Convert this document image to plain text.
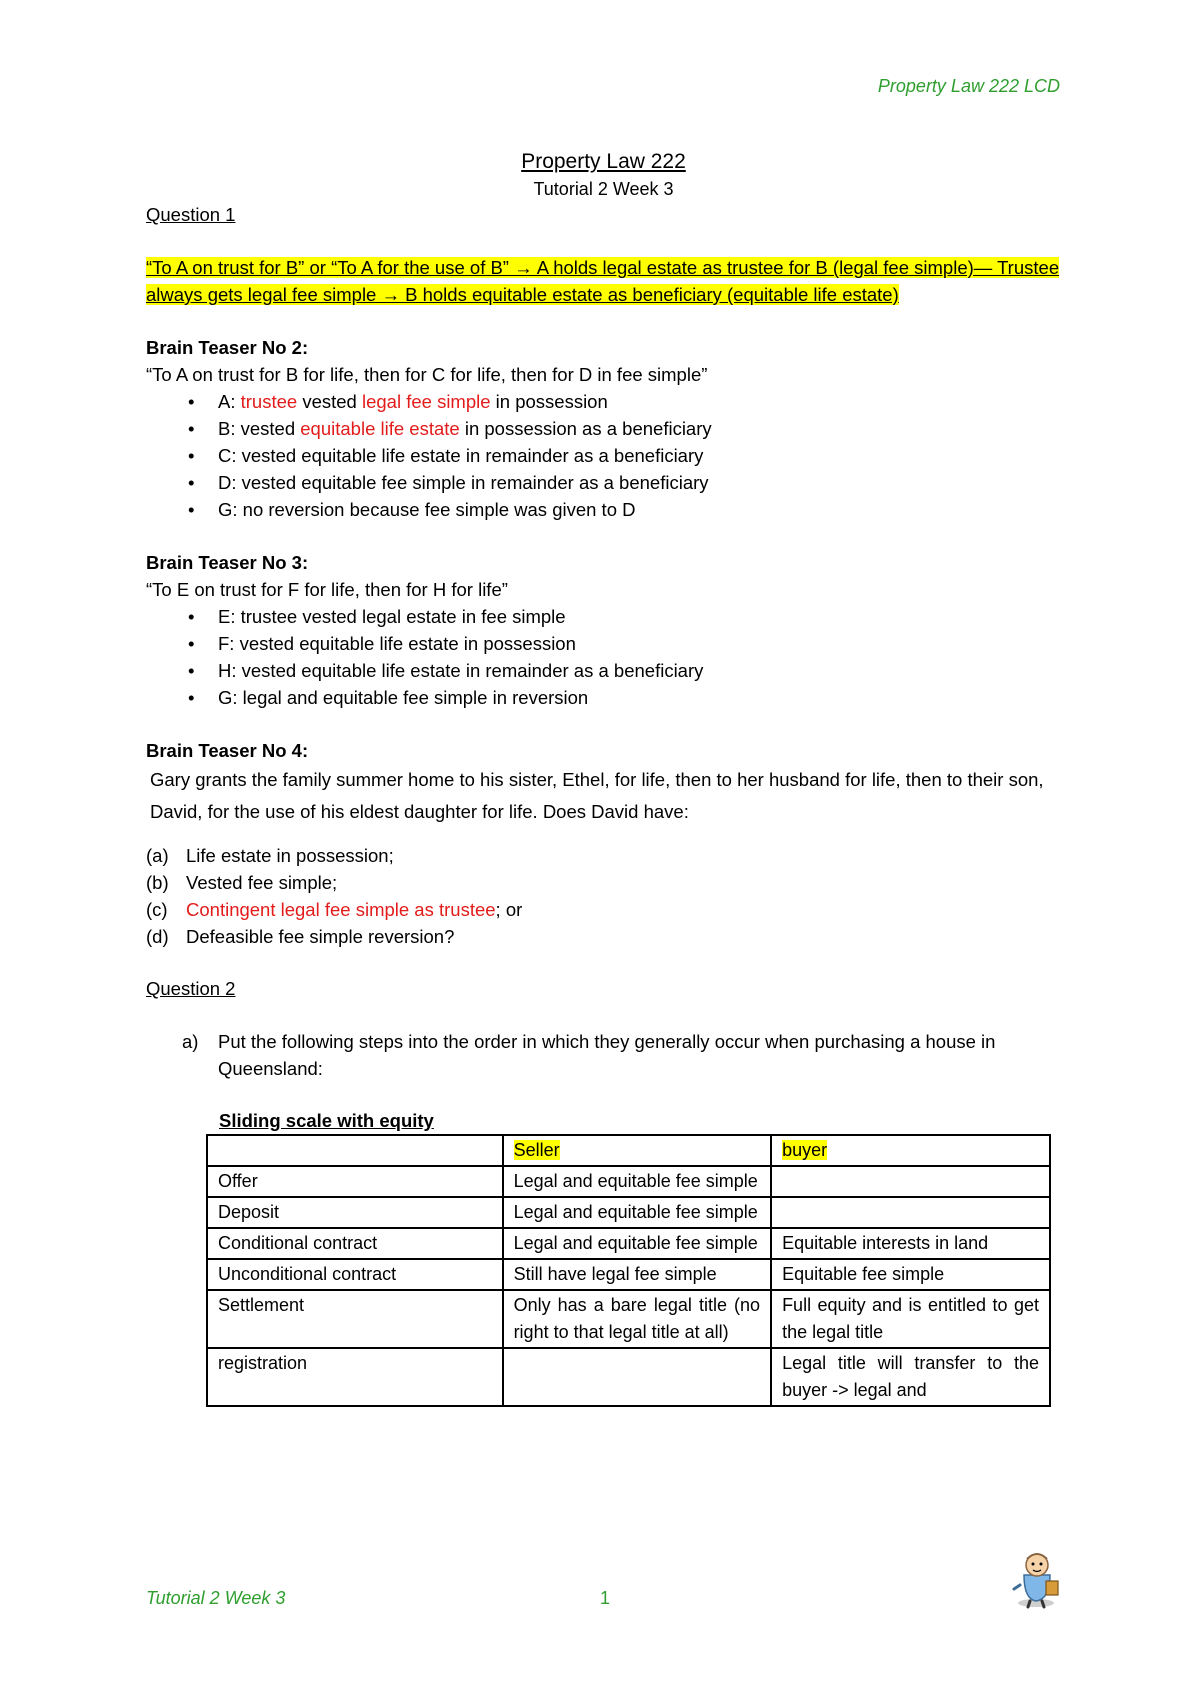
Property Law 222 LCD
Property Law 222
Tutorial 2 Week 3
Question 1
“To A on trust for B” or “To A for the use of B” → A holds legal estate as trustee for B (legal fee simple)— Trustee always gets legal fee simple → B holds equitable estate as beneficiary (equitable life estate)
Brain Teaser No 2:
“To A on trust for B for life, then for C for life, then for D in fee simple”
• A: trustee vested legal fee simple in possession
• B: vested equitable life estate in possession as a beneficiary
• C: vested equitable life estate in remainder as a beneficiary
• D: vested equitable fee simple in remainder as a beneficiary
• G: no reversion because fee simple was given to D
Brain Teaser No 3:
“To E on trust for F for life, then for H for life”
• E: trustee vested legal estate in fee simple
• F: vested equitable life estate in possession
• H: vested equitable life estate in remainder as a beneficiary
• G: legal and equitable fee simple in reversion
Brain Teaser No 4:
Gary grants the family summer home to his sister, Ethel, for life, then to her husband for life, then to their son, David, for the use of his eldest daughter for life. Does David have:
(a) Life estate in possession;
(b) Vested fee simple;
(c) Contingent legal fee simple as trustee; or
(d) Defeasible fee simple reversion?
Question 2
a)	Put the following steps into the order in which they generally occur when purchasing a house in Queensland:
Sliding scale with equity
	Seller	buyer
Offer	Legal and equitable fee simple	
Deposit	Legal and equitable fee simple	
Conditional contract	Legal and equitable fee simple	Equitable interests in land
Unconditional contract	Still have legal fee simple	Equitable fee simple
Settlement	Only has a bare legal title (no right to that legal title at all)	Full equity and is entitled to get the legal title
registration		Legal title will transfer to the buyer -> legal and
Tutorial 2 Week 3	1
